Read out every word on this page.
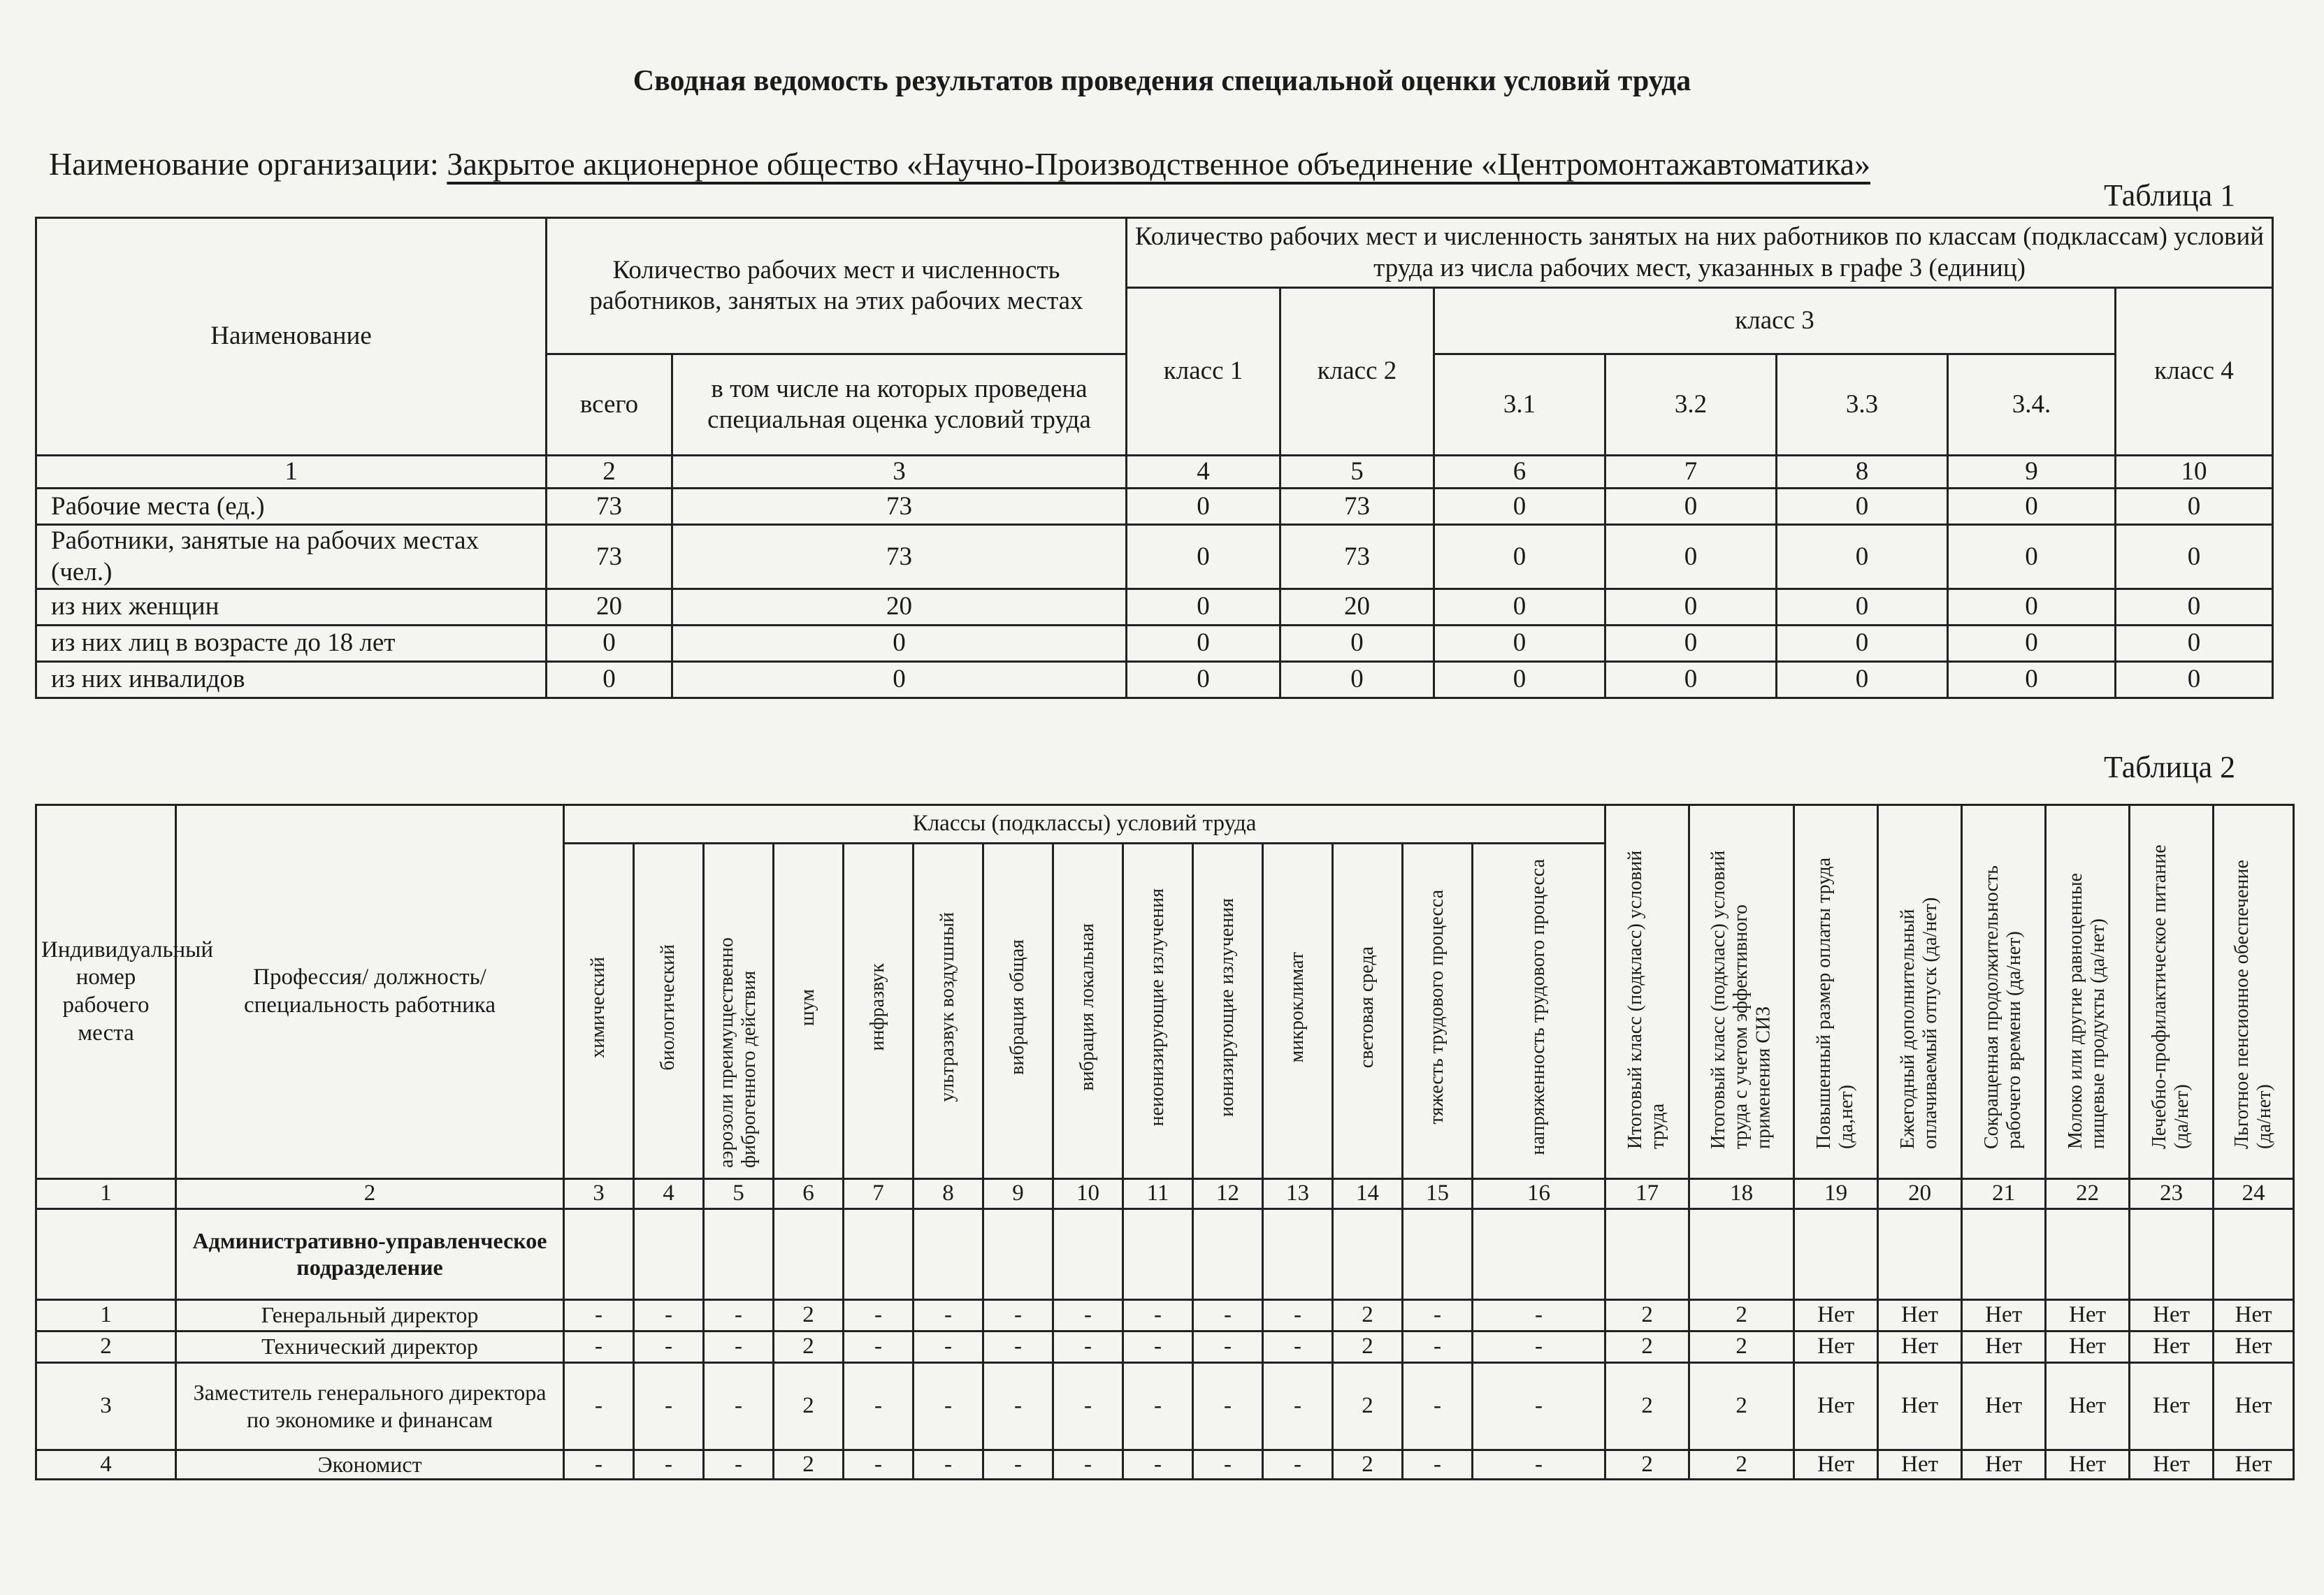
Сводная ведомость результатов проведения специальной оценки условий труда
Наименование организации: Закрытое акционерное общество «Научно-Производственное объединение «Центромонтажавтоматика»
Таблица 1
Наименование	Количество рабочих мест и численность работников, занятых на этих рабочих местах		Количество рабочих мест и численность занятых на них работников по классам (подклассам) условий труда из числа рабочих мест, указанных в графе 3 (единиц)						
			класс 1	класс 2	класс 3				класс 4
	всего	в том числе на которых проведена специальная оценка условий труда			3.1	3.2	3.3	3.4.	
1	2	3	4	5	6	7	8	9	10
Рабочие места (ед.)	73	73	0	73	0	0	0	0	0
Работники, занятые на рабочих местах (чел.)	73	73	0	73	0	0	0	0	0
из них женщин	20	20	0	20	0	0	0	0	0
из них лиц в возрасте до 18 лет	0	0	0	0	0	0	0	0	0
из них инвалидов	0	0	0	0	0	0	0	0	0
Таблица 2
Индивидуальный номер рабочего места	Профессия/ должность/ специальность работника	Классы (подклассы) условий труда														Итоговый класс (подкласс) условий труда	Итоговый класс (подкласс) условий труда с учетом эффективного применения СИЗ	Повышенный размер оплаты труда (да,нет)	Ежегодный дополнительный оплачиваемый отпуск (да/нет)	Сокращенная продолжительность рабочего времени (да/нет)	Молоко или другие равноценные пищевые продукты (да/нет)	Лечебно-профилактическое питание (да/нет)	Льготное пенсионное обеспечение (да/нет)
		химический	биологический	аэрозоли преимущественно фиброгенного действия	шум	инфразвук	ультразвук воздушный	вибрация общая	вибрация локальная	неионизирующие излучения	ионизирующие излучения	микроклимат	световая среда	тяжесть трудового процесса	напряженность трудового процесса								
1	2	3	4	5	6	7	8	9	10	11	12	13	14	15	16	17	18	19	20	21	22	23	24
	Административно-управленческое подразделение																						
1	Генеральный директор	-	-	-	2	-	-	-	-	-	-	-	2	-	-	2	2	Нет	Нет	Нет	Нет	Нет	Нет
2	Технический директор	-	-	-	2	-	-	-	-	-	-	-	2	-	-	2	2	Нет	Нет	Нет	Нет	Нет	Нет
3	Заместитель генерального директора по экономике и финансам	-	-	-	2	-	-	-	-	-	-	-	2	-	-	2	2	Нет	Нет	Нет	Нет	Нет	Нет
4	Экономист	-	-	-	2	-	-	-	-	-	-	-	2	-	-	2	2	Нет	Нет	Нет	Нет	Нет	Нет
